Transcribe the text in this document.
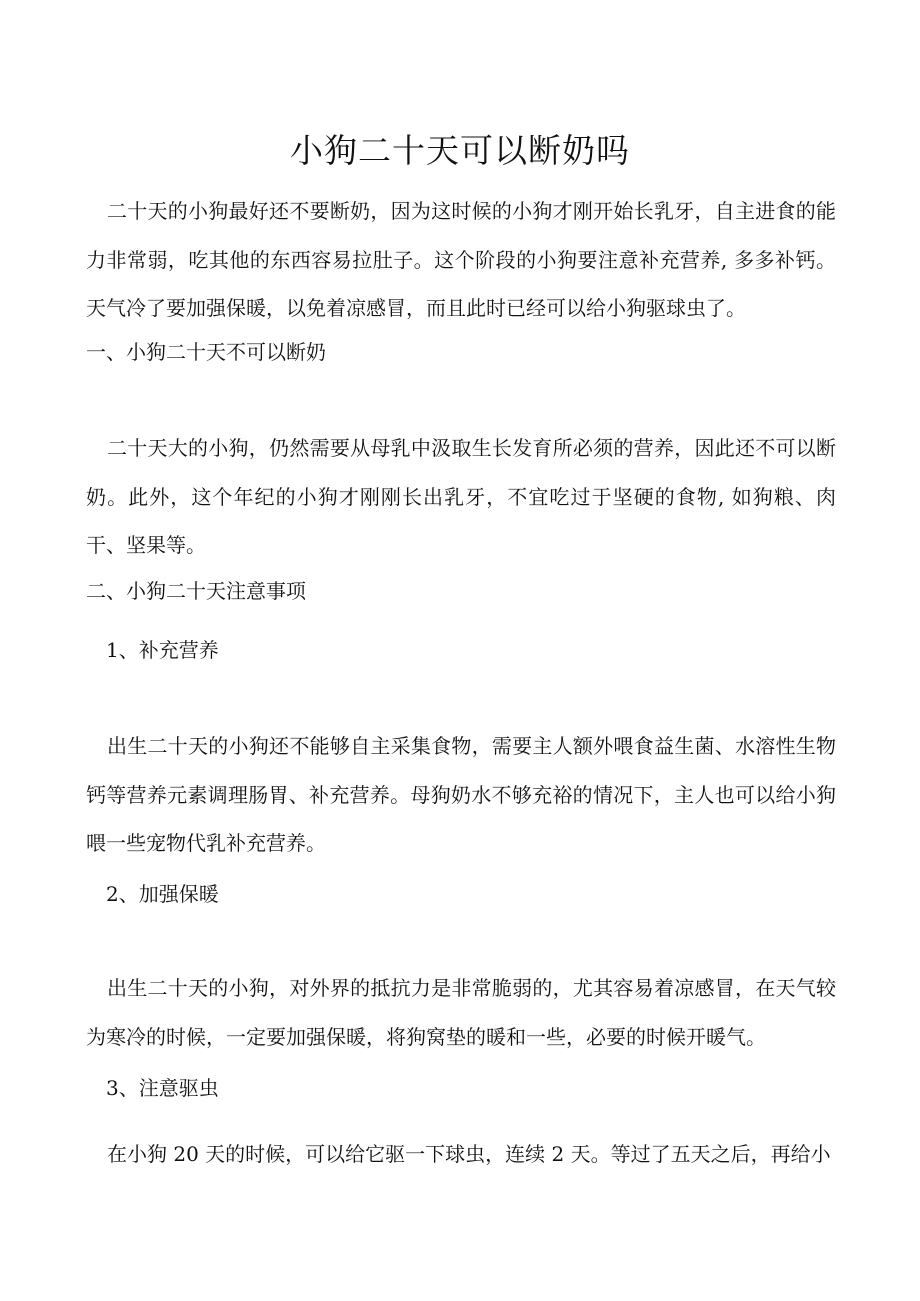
小狗二十天可以断奶吗

二十天的小狗最好还不要断奶，因为这时候的小狗才刚开始长乳牙，自主进食的能力非常弱，吃其他的东西容易拉肚子。这个阶段的小狗要注意补充营养, 多多补钙。天气冷了要加强保暖，以免着凉感冒，而且此时已经可以给小狗驱球虫了。

一、小狗二十天不可以断奶

二十天大的小狗，仍然需要从母乳中汲取生长发育所必须的营养，因此还不可以断奶。此外，这个年纪的小狗才刚刚长出乳牙，不宜吃过于坚硬的食物, 如狗粮、肉干、坚果等。

二、小狗二十天注意事项
1、补充营养

出生二十天的小狗还不能够自主采集食物，需要主人额外喂食益生菌、水溶性生物钙等营养元素调理肠胃、补充营养。母狗奶水不够充裕的情况下，主人也可以给小狗喂一些宠物代乳补充营养。

2、加强保暖

出生二十天的小狗，对外界的抵抗力是非常脆弱的，尤其容易着凉感冒，在天气较为寒冷的时候，一定要加强保暖，将狗窝垫的暖和一些，必要的时候开暖气。

3、注意驱虫

在小狗 20 天的时候，可以给它驱一下球虫，连续 2 天。等过了五天之后，再给小
